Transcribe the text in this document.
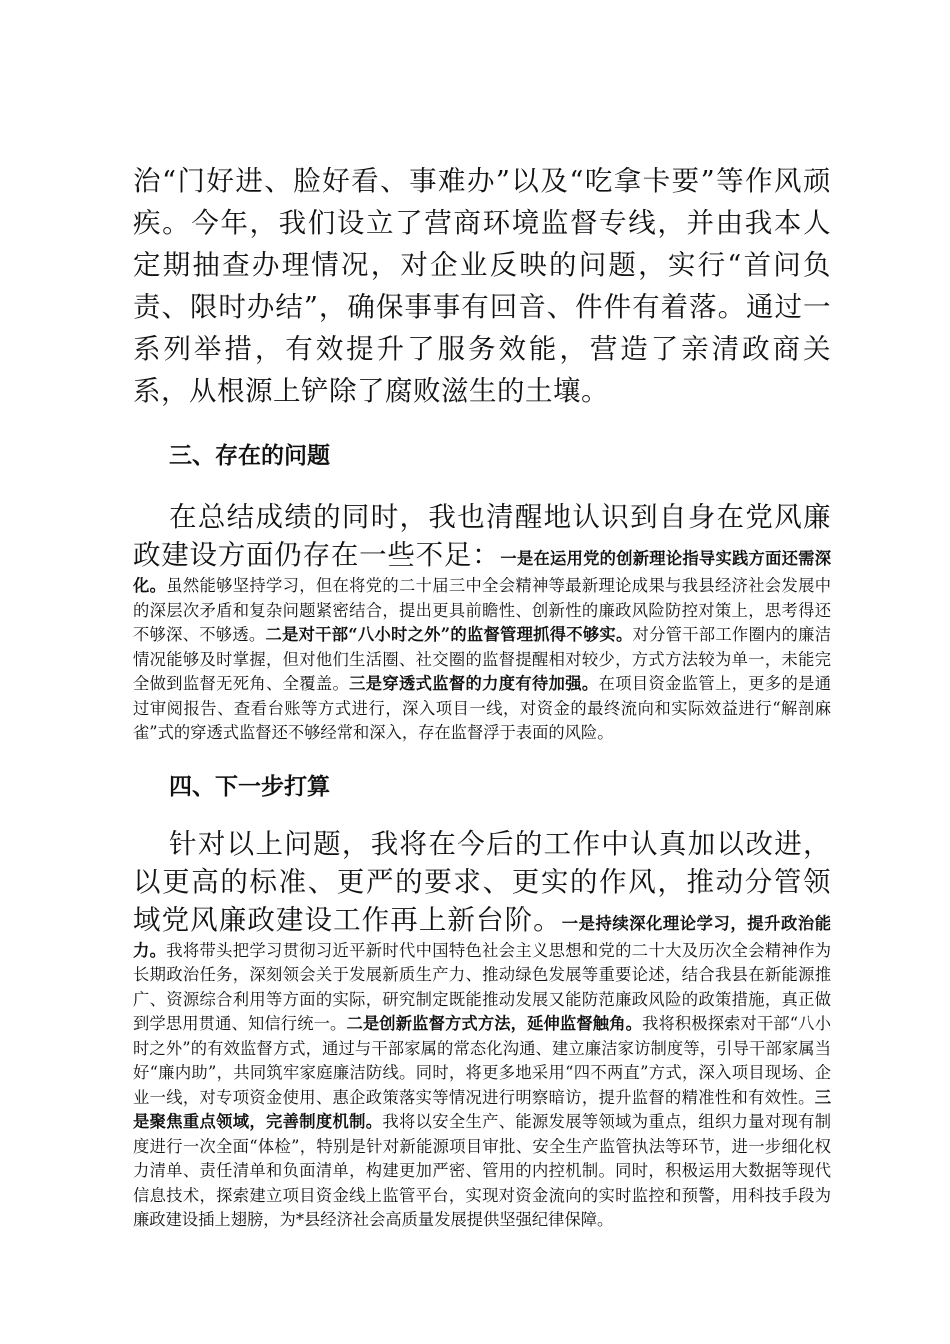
治“门好进、脸好看、事难办”以及“吃拿卡要”等作风顽疾。今年，我们设立了营商环境监督专线，并由我本人定期抽查办理情况，对企业反映的问题，实行“首问负责、限时办结”，确保事事有回音、件件有着落。通过一系列举措，有效提升了服务效能，营造了亲清政商关系，从根源上铲除了腐败滋生的土壤。

三、存在的问题

在总结成绩的同时，我也清醒地认识到自身在党风廉政建设方面仍存在一些不足：一是在运用党的创新理论指导实践方面还需深化。虽然能够坚持学习，但在将党的二十届三中全会精神等最新理论成果与我县经济社会发展中的深层次矛盾和复杂问题紧密结合，提出更具前瞻性、创新性的廉政风险防控对策上，思考得还不够深、不够透。二是对干部“八小时之外”的监督管理抓得不够实。对分管干部工作圈内的廉洁情况能够及时掌握，但对他们生活圈、社交圈的监督提醒相对较少，方式方法较为单一，未能完全做到监督无死角、全覆盖。三是穿透式监督的力度有待加强。在项目资金监管上，更多的是通过审阅报告、查看台账等方式进行，深入项目一线，对资金的最终流向和实际效益进行“解剖麻雀”式的穿透式监督还不够经常和深入，存在监督浮于表面的风险。

四、下一步打算

针对以上问题，我将在今后的工作中认真加以改进，以更高的标准、更严的要求、更实的作风，推动分管领域党风廉政建设工作再上新台阶。一是持续深化理论学习，提升政治能力。我将带头把学习贯彻习近平新时代中国特色社会主义思想和党的二十大及历次全会精神作为长期政治任务，深刻领会关于发展新质生产力、推动绿色发展等重要论述，结合我县在新能源推广、资源综合利用等方面的实际，研究制定既能推动发展又能防范廉政风险的政策措施，真正做到学思用贯通、知信行统一。二是创新监督方式方法，延伸监督触角。我将积极探索对干部“八小时之外”的有效监督方式，通过与干部家属的常态化沟通、建立廉洁家访制度等，引导干部家属当好“廉内助”，共同筑牢家庭廉洁防线。同时，将更多地采用“四不两直”方式，深入项目现场、企业一线，对专项资金使用、惠企政策落实等情况进行明察暗访，提升监督的精准性和有效性。三是聚焦重点领域，完善制度机制。我将以安全生产、能源发展等领域为重点，组织力量对现有制度进行一次全面“体检”，特别是针对新能源项目审批、安全生产监管执法等环节，进一步细化权力清单、责任清单和负面清单，构建更加严密、管用的内控机制。同时，积极运用大数据等现代信息技术，探索建立项目资金线上监管平台，实现对资金流向的实时监控和预警，用科技手段为廉政建设插上翅膀，为*县经济社会高质量发展提供坚强纪律保障。
